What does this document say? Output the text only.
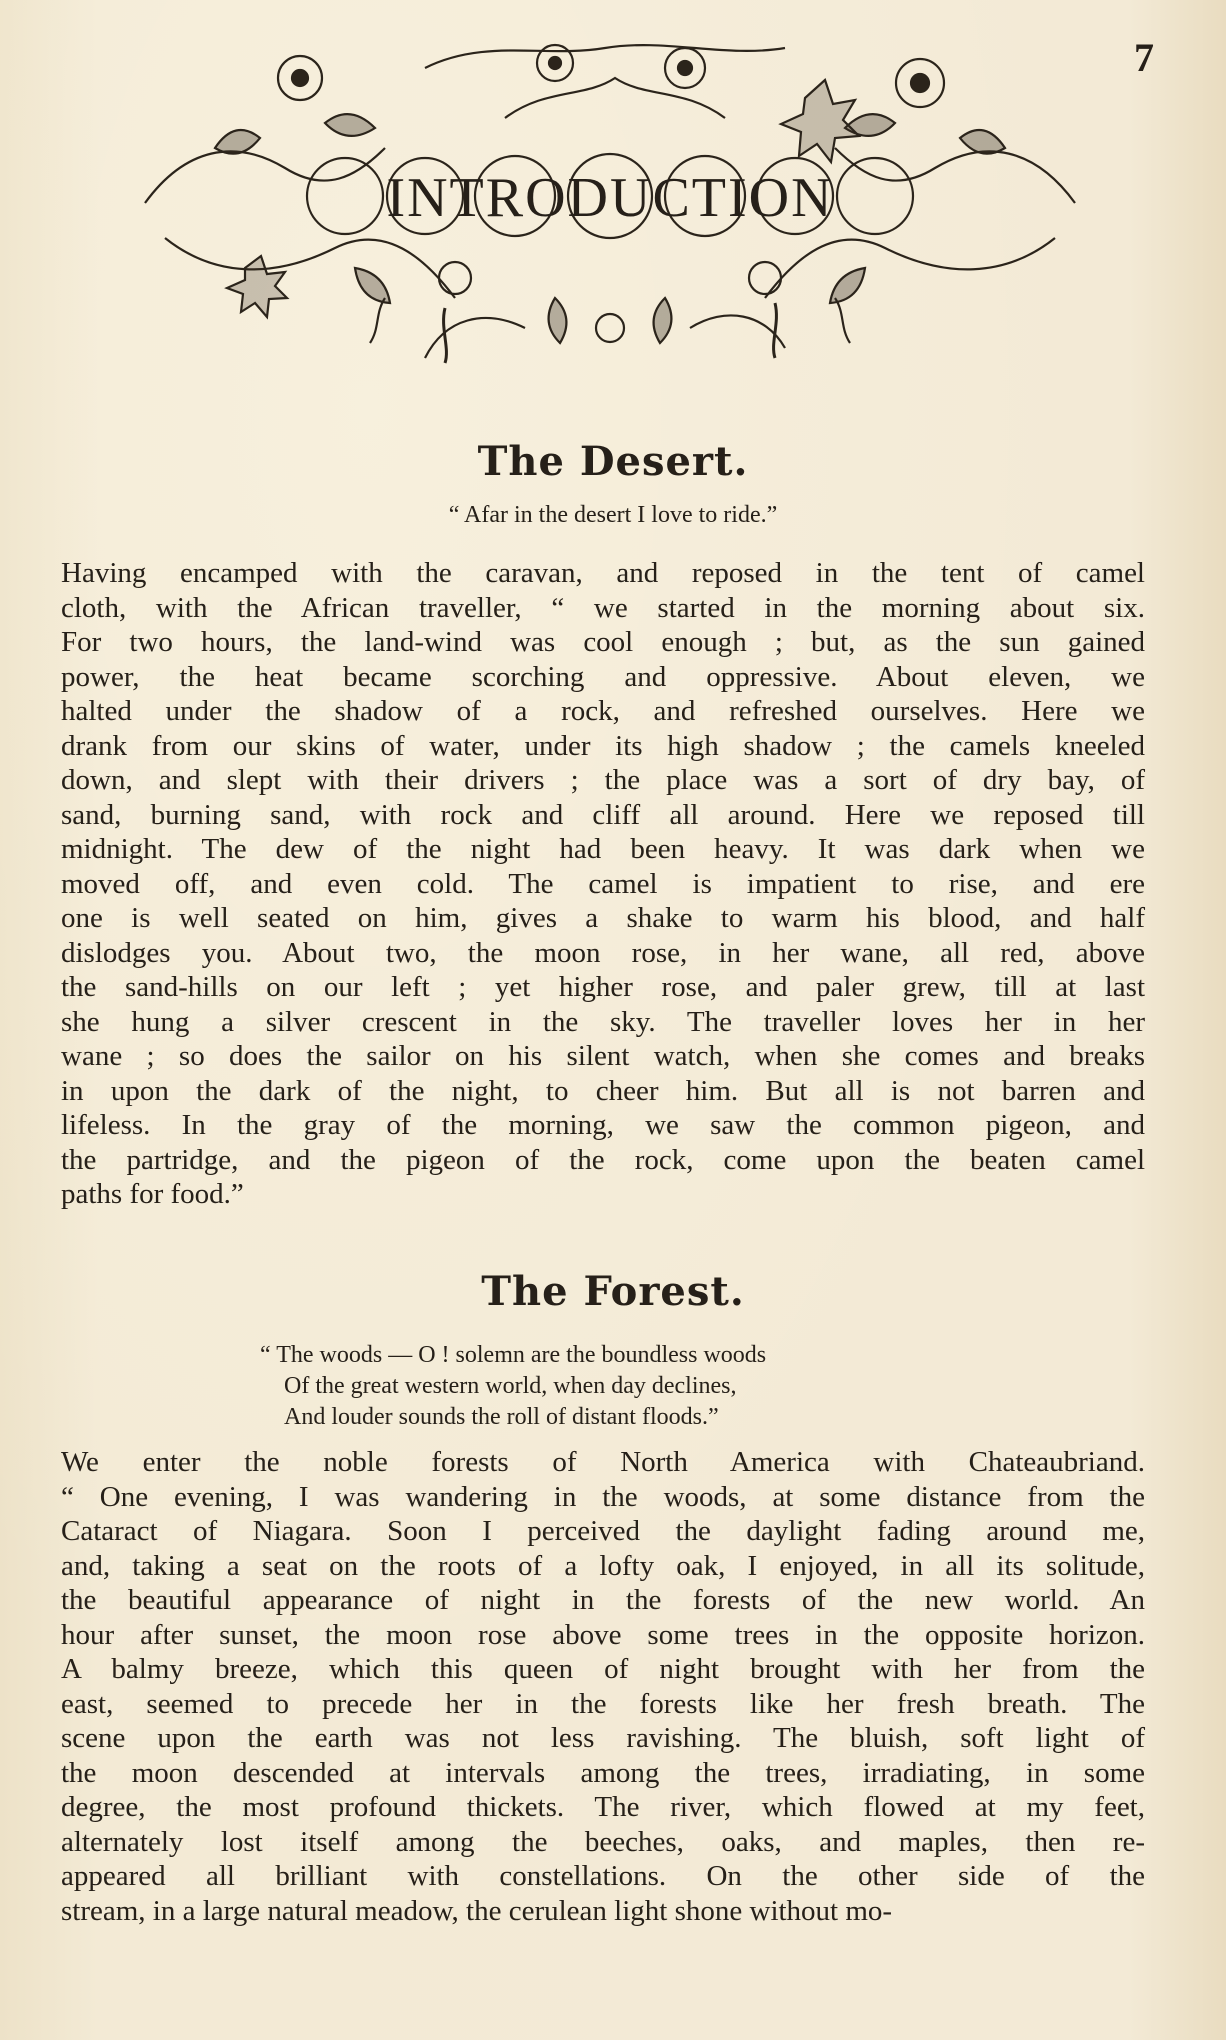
7
INTRODUCTION
The Desert.
“ Afar in the desert I love to ride.”
Having encamped with the caravan, and reposed in the tent of camel
cloth, with the African traveller, “ we started in the morning about six.
For two hours, the land-wind was cool enough ; but, as the sun gained
power, the heat became scorching and oppressive. About eleven, we
halted under the shadow of a rock, and refreshed ourselves. Here we
drank from our skins of water, under its high shadow ; the camels kneeled
down, and slept with their drivers ; the place was a sort of dry bay, of
sand, burning sand, with rock and cliff all around. Here we reposed till
midnight. The dew of the night had been heavy. It was dark when we
moved off, and even cold. The camel is impatient to rise, and ere
one is well seated on him, gives a shake to warm his blood, and half
dislodges you. About two, the moon rose, in her wane, all red, above
the sand-hills on our left ; yet higher rose, and paler grew, till at last
she hung a silver crescent in the sky. The traveller loves her in her
wane ; so does the sailor on his silent watch, when she comes and breaks
in upon the dark of the night, to cheer him. But all is not barren and
lifeless. In the gray of the morning, we saw the common pigeon, and
the partridge, and the pigeon of the rock, come upon the beaten camel
paths for food.”
The Forest.
“ The woods — O ! solemn are the boundless woods
Of the great western world, when day declines,
And louder sounds the roll of distant floods.”
We enter the noble forests of North America with Chateaubriand.
“ One evening, I was wandering in the woods, at some distance from the
Cataract of Niagara. Soon I perceived the daylight fading around me,
and, taking a seat on the roots of a lofty oak, I enjoyed, in all its solitude,
the beautiful appearance of night in the forests of the new world. An
hour after sunset, the moon rose above some trees in the opposite horizon.
A balmy breeze, which this queen of night brought with her from the
east, seemed to precede her in the forests like her fresh breath. The
scene upon the earth was not less ravishing. The bluish, soft light of
the moon descended at intervals among the trees, irradiating, in some
degree, the most profound thickets. The river, which flowed at my feet,
alternately lost itself among the beeches, oaks, and maples, then re-
appeared all brilliant with constellations. On the other side of the
stream, in a large natural meadow, the cerulean light shone without mo-
